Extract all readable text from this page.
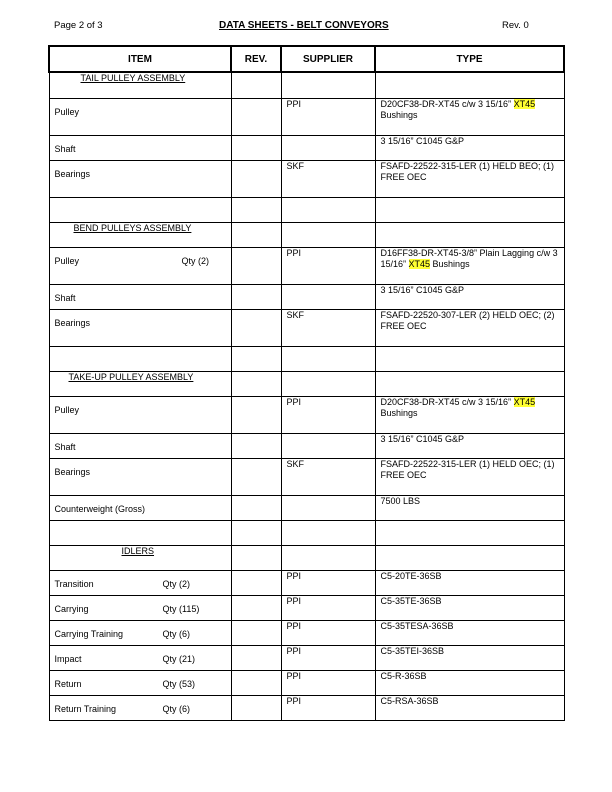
Page 2 of 3	DATA SHEETS - BELT CONVEYORS	Rev. 0
ITEM	REV.	SUPPLIER	TYPE
TAIL PULLEY ASSEMBLY			
Pulley		PPI	D20CF38-DR-XT45 c/w 3 15/16” XT45
Bushings
Shaft			3 15/16” C1045 G&P
Bearings		SKF	FSAFD-22522-315-LER (1) HELD BEO; (1) FREE OEC

BEND PULLEYS ASSEMBLY			
Pulley Qty (2)		PPI	D16FF38-DR-XT45-3/8” Plain Lagging c/w 3 15/16” XT45 Bushings
Shaft			3 15/16” C1045 G&P
Bearings		SKF	FSAFD-22520-307-LER (2) HELD OEC; (2) FREE OEC

TAKE-UP PULLEY ASSEMBLY			
Pulley		PPI	D20CF38-DR-XT45 c/w 3 15/16” XT45
Bushings
Shaft			3 15/16” C1045 G&P
Bearings		SKF	FSAFD-22522-315-LER (1) HELD OEC; (1) FREE OEC
Counterweight (Gross)			7500 LBS

IDLERS			
Transition Qty (2)		PPI	C5-20TE-36SB
Carrying Qty (115)		PPI	C5-35TE-36SB
Carrying Training Qty (6)		PPI	C5-35TESA-36SB
Impact Qty (21)		PPI	C5-35TEI-36SB
Return Qty (53)		PPI	C5-R-36SB
Return Training Qty (6)		PPI	C5-RSA-36SB
